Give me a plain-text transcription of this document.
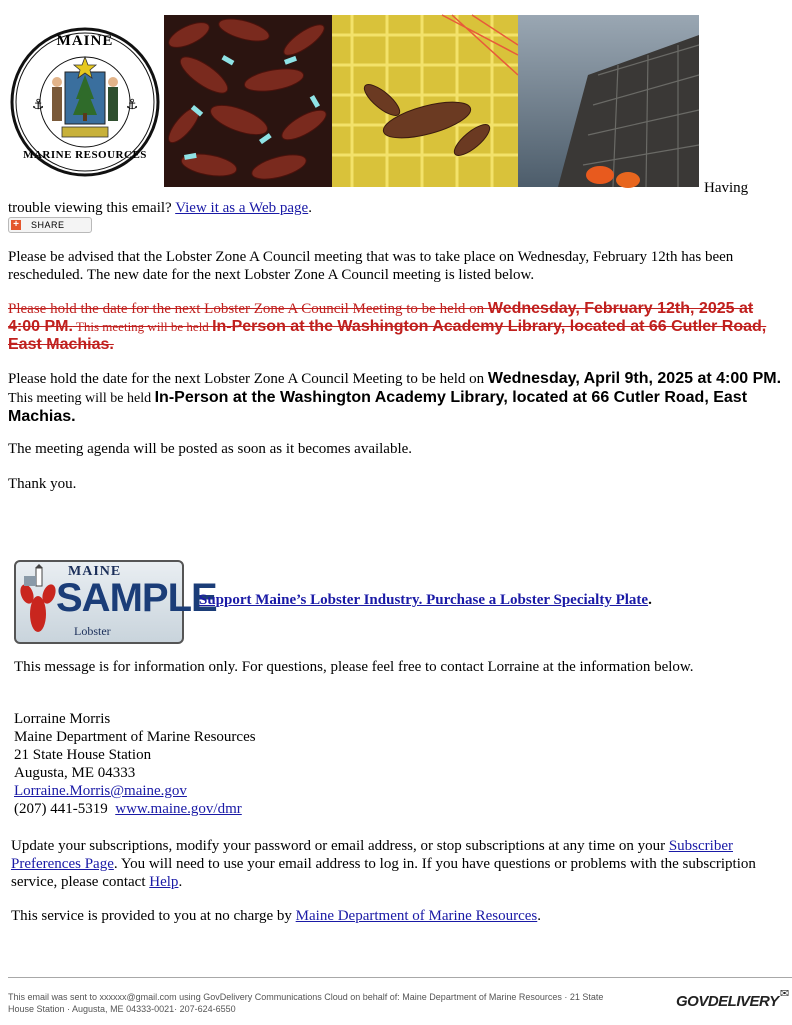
⚓	⚓
MAINE
MARINE RESOURCES
Having

trouble viewing this email? View it as a Web page.

+ SHARE

Please be advised that the Lobster Zone A Council meeting that was to take place on Wednesday, February 12th has been

rescheduled. The new date for the next Lobster Zone A Council meeting is listed below.

Please hold the date for the next Lobster Zone A Council Meeting to be held on Wednesday, February 12th, 2025 at 4:00 PM. This meeting will be held In-Person at the Washington Academy Library, located at 66 Cutler Road, East Machias.

Please hold the date for the next Lobster Zone A Council Meeting to be held on Wednesday, April 9th, 2025 at 4:00 PM. This meeting will be held In-Person at the Washington Academy Library, located at 66 Cutler Road, East Machias.

The meeting agenda will be posted as soon as it becomes available.

Thank you.

MAINE
SAMPLE
Lobster

Support Maine’s Lobster Industry. Purchase a Lobster Specialty Plate.

This message is for information only. For questions, please feel free to contact Lorraine at the information below.

Lorraine Morris
Maine Department of Marine Resources
21 State House Station
Augusta, ME 04333
Lorraine.Morris@maine.gov
(207) 441-5319  www.maine.gov/dmr

Update your subscriptions, modify your password or email address, or stop subscriptions at any time on your Subscriber Preferences Page. You will need to use your email address to log in. If you have questions or problems with the subscription service, please contact Help.

This service is provided to you at no charge by Maine Department of Marine Resources.

This email was sent to xxxxxx@gmail.com using GovDelivery Communications Cloud on behalf of: Maine Department of Marine Resources · 21 State
House Station · Augusta, ME 04333-0021· 207-624-6550	GOVDELIVERY ✉
